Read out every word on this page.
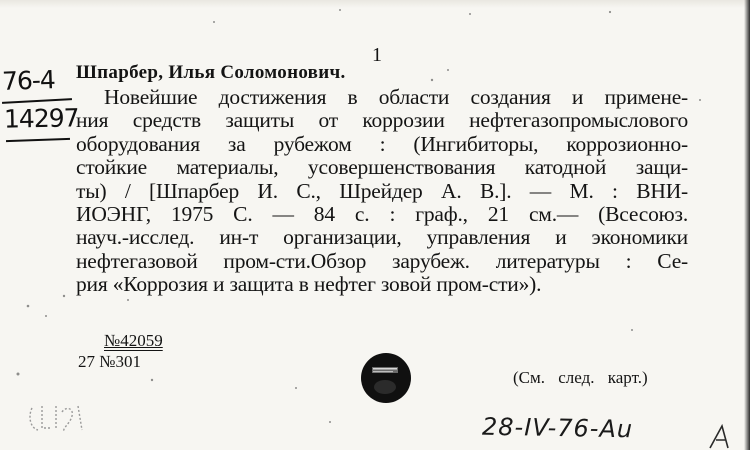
1
76-4
14297
Шпарбер, Илья Соломонович.
Новейшие достижения в области создания и примене-
ния средств защиты от коррозии нефтегазопромыслового
оборудования за рубежом : (Ингибиторы, коррозионно-
стойкие материалы, усовершенствования катодной защи-
ты) / [Шпарбер И. С., Шрейдер А. В.]. — М. : ВНИ-
ИОЭНГ, 1975 С. — 84 с. : граф., 21 см.— (Всесоюз.
науч.-исслед. ин-т организации, управления и экономики
нефтегазовой пром-сти.Обзор зарубеж. литературы : Се-
рия «Коррозия и защита в нефтег зовой пром-сти»).
№42059
27 №301
(См. след. карт.)
28-IV-76-Au
